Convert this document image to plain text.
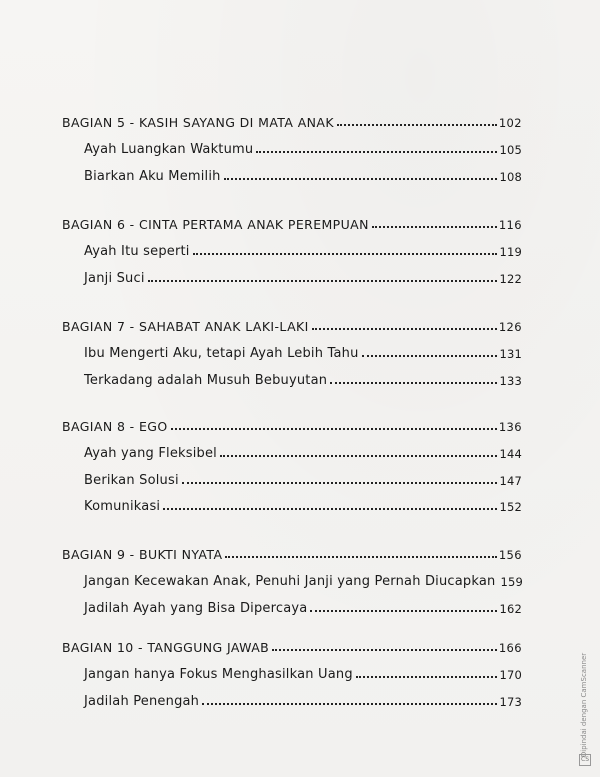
BAGIAN 5 - KASIH SAYANG DI MATA ANAK	102
Ayah Luangkan Waktumu	105
Biarkan Aku Memilih	108
BAGIAN 6 - CINTA PERTAMA ANAK PEREMPUAN	116
Ayah Itu seperti	119
Janji Suci	122
BAGIAN 7 - SAHABAT ANAK LAKI-LAKI	126
Ibu Mengerti Aku, tetapi Ayah Lebih Tahu	131
Terkadang adalah Musuh Bebuyutan	133
BAGIAN 8 - EGO	136
Ayah yang Fleksibel	144
Berikan Solusi	147
Komunikasi	152
BAGIAN 9 - BUKTI NYATA	156
Jangan Kecewakan Anak, Penuhi Janji yang Pernah Diucapkan 159
Jadilah Ayah yang Bisa Dipercaya	162
BAGIAN 10 - TANGGUNG JAWAB	166
Jangan hanya Fokus Menghasilkan Uang	170
Jadilah Penengah	173	Dipindai dengan CamScanner
CS
